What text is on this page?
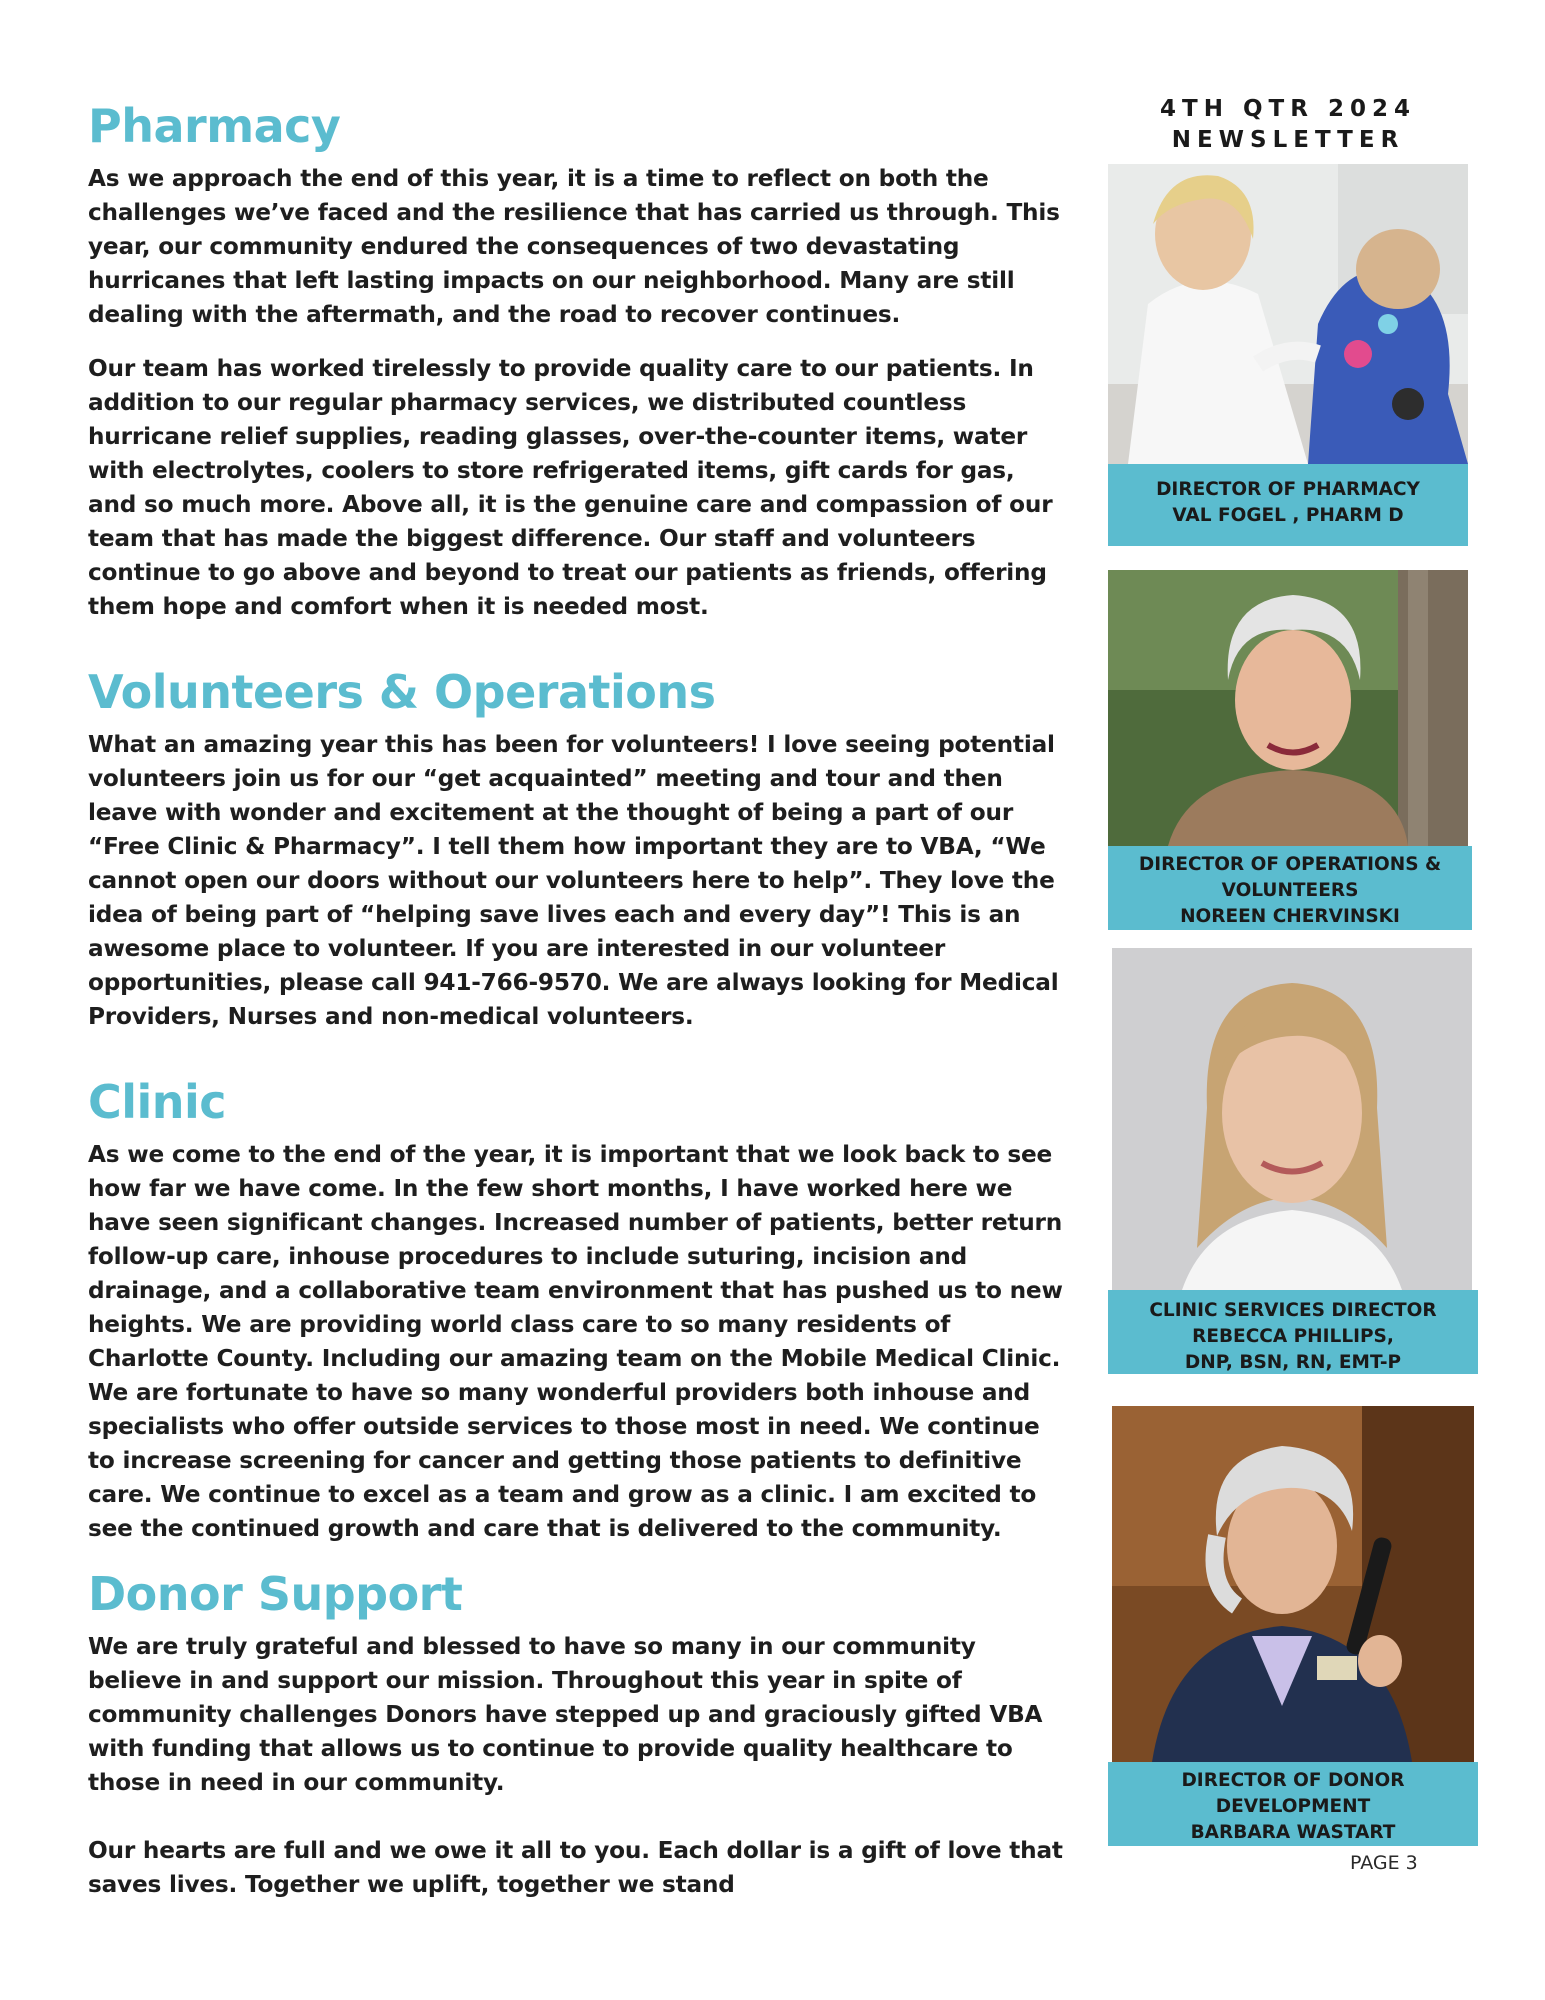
Pharmacy

As we approach the end of this year, it is a time to reflect on both the challenges we’ve faced and the resilience that has carried us through. This year, our community endured the consequences of two devastating hurricanes that left lasting impacts on our neighborhood. Many are still dealing with the aftermath, and the road to recover continues.

Our team has worked tirelessly to provide quality care to our patients. In addition to our regular pharmacy services, we distributed countless hurricane relief supplies, reading glasses, over-the-counter items, water with electrolytes, coolers to store refrigerated items, gift cards for gas, and so much more. Above all, it is the genuine care and compassion of our team that has made the biggest difference. Our staff and volunteers continue to go above and beyond to treat our patients as friends, offering them hope and comfort when it is needed most.

Volunteers & Operations

What an amazing year this has been for volunteers! I love seeing potential volunteers join us for our “get acquainted” meeting and tour and then leave with wonder and excitement at the thought of being a part of our “Free Clinic & Pharmacy”. I tell them how important they are to VBA, “We cannot open our doors without our volunteers here to help”. They love the idea of being part of “helping save lives each and every day”! This is an awesome place to volunteer. If you are interested in our volunteer opportunities, please call 941-766-9570. We are always looking for Medical Providers, Nurses and non-medical volunteers.

Clinic

As we come to the end of the year, it is important that we look back to see how far we have come. In the few short months, I have worked here we have seen significant changes. Increased number of patients, better return follow-up care, inhouse procedures to include suturing, incision and drainage, and a collaborative team environment that has pushed us to new heights. We are providing world class care to so many residents of Charlotte County. Including our amazing team on the Mobile Medical Clinic. We are fortunate to have so many wonderful providers both inhouse and specialists who offer outside services to those most in need. We continue to increase screening for cancer and getting those patients to definitive care. We continue to excel as a team and grow as a clinic. I am excited to see the continued growth and care that is delivered to the community.

Donor Support

We are truly grateful and blessed to have so many in our community believe in and support our mission. Throughout this year in spite of community challenges Donors have stepped up and graciously gifted VBA with funding that allows us to continue to provide quality healthcare to those in need in our community.

Our hearts are full and we owe it all to you. Each dollar is a gift of love that saves lives. Together we uplift, together we stand

4TH QTR 2024
NEWSLETTER
DIRECTOR OF PHARMACY
VAL FOGEL , PHARM D
DIRECTOR OF OPERATIONS &
VOLUNTEERS
NOREEN CHERVINSKI
CLINIC SERVICES DIRECTOR
REBECCA PHILLIPS,
DNP, BSN, RN, EMT-P
DIRECTOR OF DONOR
DEVELOPMENT
BARBARA WASTART
PAGE 3
